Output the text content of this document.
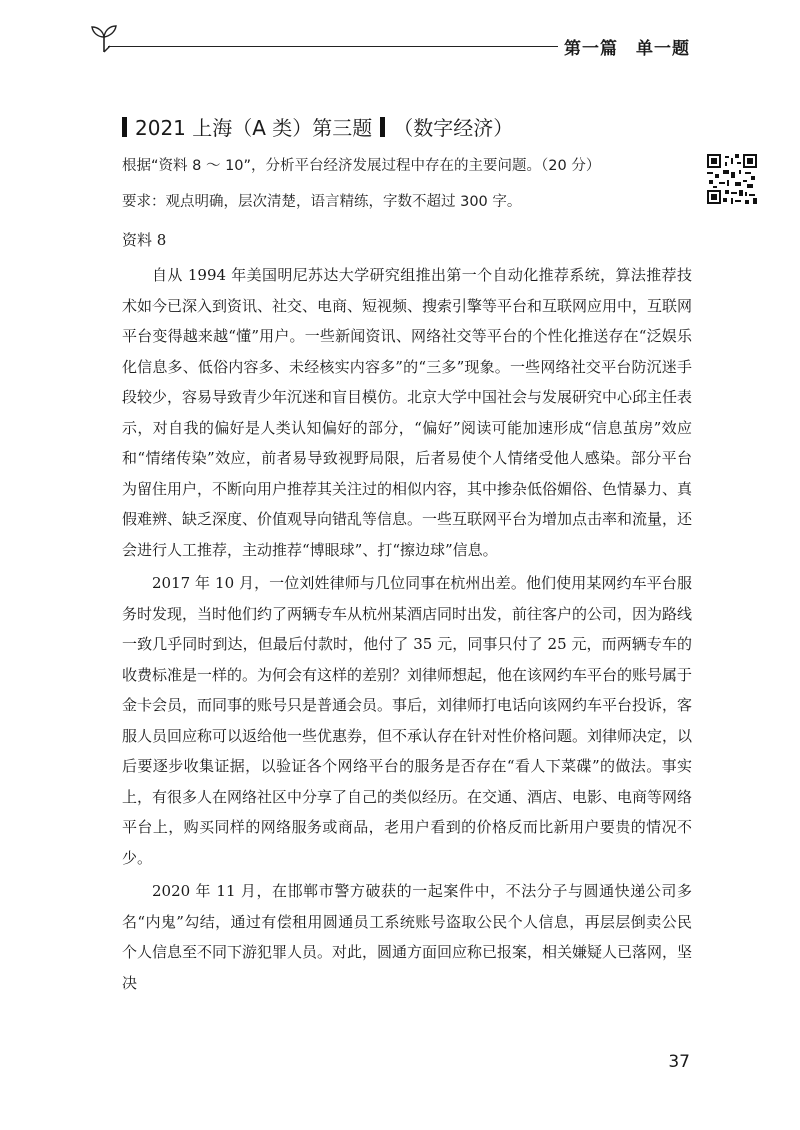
第一篇　单一题
2021 上海（A 类）第三题 （数字经济）
根据“资料 8 ～ 10”，分析平台经济发展过程中存在的主要问题。（20 分）
要求：观点明确，层次清楚，语言精练，字数不超过 300 字。
资料 8

自从 1994 年美国明尼苏达大学研究组推出第一个自动化推荐系统，算法推荐技术如今已深入到资讯、社交、电商、短视频、搜索引擎等平台和互联网应用中，互联网平台变得越来越“懂”用户。一些新闻资讯、网络社交等平台的个性化推送存在“泛娱乐化信息多、低俗内容多、未经核实内容多”的“三多”现象。一些网络社交平台防沉迷手段较少，容易导致青少年沉迷和盲目模仿。北京大学中国社会与发展研究中心邱主任表示，对自我的偏好是人类认知偏好的部分，“偏好”阅读可能加速形成“信息茧房”效应和“情绪传染”效应，前者易导致视野局限，后者易使个人情绪受他人感染。部分平台为留住用户，不断向用户推荐其关注过的相似内容，其中掺杂低俗媚俗、色情暴力、真假难辨、缺乏深度、价值观导向错乱等信息。一些互联网平台为增加点击率和流量，还会进行人工推荐，主动推荐“博眼球”、打“擦边球”信息。

2017 年 10 月，一位刘姓律师与几位同事在杭州出差。他们使用某网约车平台服务时发现，当时他们约了两辆专车从杭州某酒店同时出发，前往客户的公司，因为路线一致几乎同时到达，但最后付款时，他付了 35 元，同事只付了 25 元，而两辆专车的收费标准是一样的。为何会有这样的差别？刘律师想起，他在该网约车平台的账号属于金卡会员，而同事的账号只是普通会员。事后，刘律师打电话向该网约车平台投诉，客服人员回应称可以返给他一些优惠券，但不承认存在针对性价格问题。刘律师决定，以后要逐步收集证据，以验证各个网络平台的服务是否存在“看人下菜碟”的做法。事实上，有很多人在网络社区中分享了自己的类似经历。在交通、酒店、电影、电商等网络平台上，购买同样的网络服务或商品，老用户看到的价格反而比新用户要贵的情况不少。

2020 年 11 月，在邯郸市警方破获的一起案件中，不法分子与圆通快递公司多名“内鬼”勾结，通过有偿租用圆通员工系统账号盗取公民个人信息，再层层倒卖公民个人信息至不同下游犯罪人员。对此，圆通方面回应称已报案，相关嫌疑人已落网，坚决

37
